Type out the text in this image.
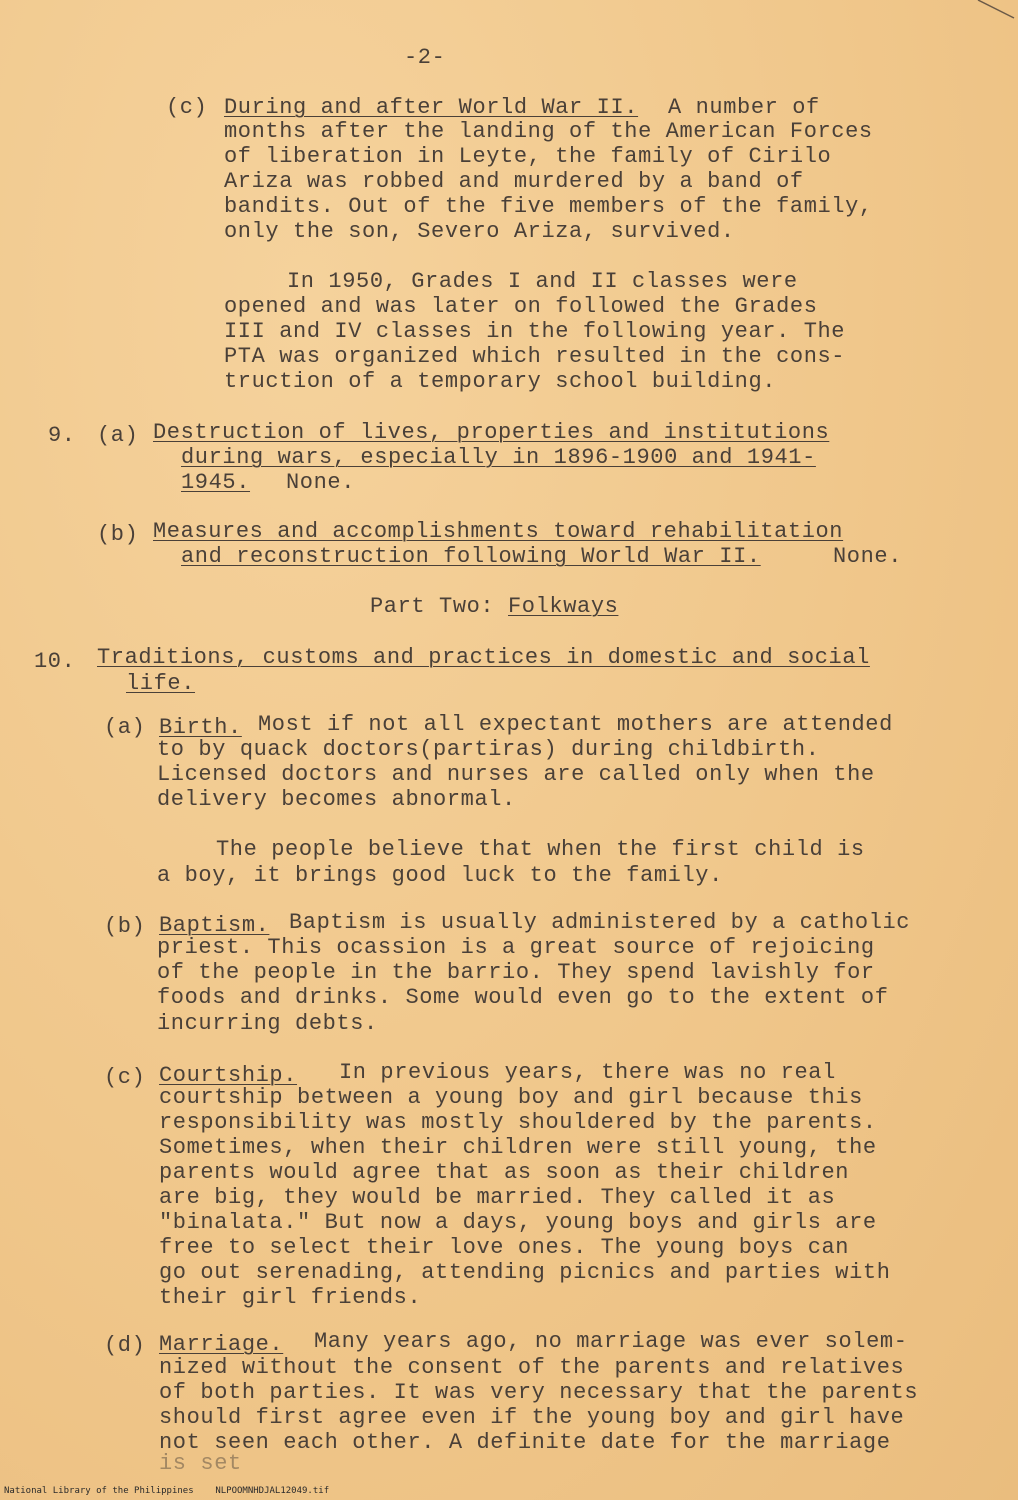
-2-
(c) During and after World War II. A number of
months after the landing of the American Forces
of liberation in Leyte, the family of Cirilo
Ariza was robbed and murdered by a band of
bandits. Out of the five members of the family,
only the son, Severo Ariza, survived.
In 1950, Grades I and II classes were
opened and was later on followed the Grades
III and IV classes in the following year. The
PTA was organized which resulted in the cons-
truction of a temporary school building.
9. (a) Destruction of lives, properties and institutions
during wars, especially in 1896-1900 and 1941-
1945. None.
(b) Measures and accomplishments toward rehabilitation
and reconstruction following World War II.	None.
Part Two: Folkways
10. Traditions, customs and practices in domestic and social
life.
(a) Birth. Most if not all expectant mothers are attended
to by quack doctors(partiras) during childbirth.
Licensed doctors and nurses are called only when the
delivery becomes abnormal.
The people believe that when the first child is
a boy, it brings good luck to the family.
(b) Baptism. Baptism is usually administered by a catholic
priest. This ocassion is a great source of rejoicing
of the people in the barrio. They spend lavishly for
foods and drinks. Some would even go to the extent of
incurring debts.
(c) Courtship. In previous years, there was no real
courtship between a young boy and girl because this
responsibility was mostly shouldered by the parents.
Sometimes, when their children were still young, the
parents would agree that as soon as their children
are big, they would be married. They called it as
"binalata." But now a days, young boys and girls are
free to select their love ones. The young boys can
go out serenading, attending picnics and parties with
their girl friends.
(d) Marriage. Many years ago, no marriage was ever solem-
nized without the consent of the parents and relatives
of both parties. It was very necessary that the parents
should first agree even if the young boy and girl have
not seen each other. A definite date for the marriage
is set
National Library of the Philippines    NLPOOMNHDJAL12049.tif
